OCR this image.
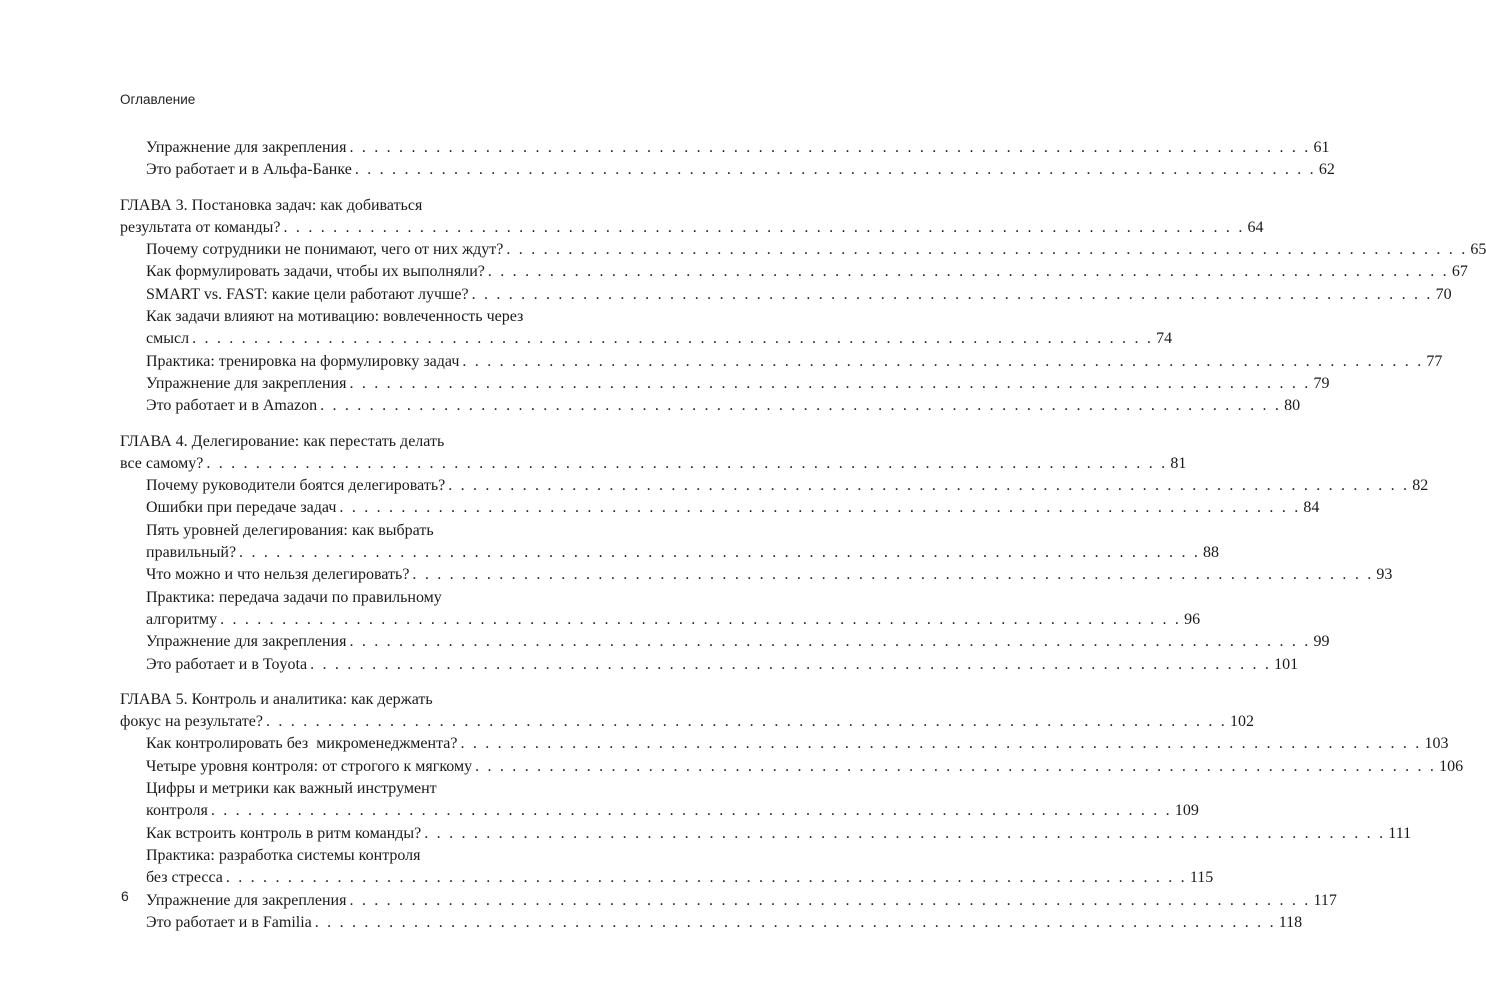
Оглавление
Упражнение для закрепления . . . . . . . . . . . . . . . . . . . . . . . . . . . . . . . . . . . . . . . . . . . . . . . . . . . . . . . . . . . . . . . . . . . . . . . . . . . . . . 61
Это работает и в Альфа-Банке . . . . . . . . . . . . . . . . . . . . . . . . . . . . . . . . . . . . . . . . . . . . . . . . . . . . . . . . . . . . . . . . . . . . . . . . . . . . . . 62
ГЛАВА 3. Постановка задач: как добиваться
результата от команды? . . . . . . . . . . . . . . . . . . . . . . . . . . . . . . . . . . . . . . . . . . . . . . . . . . . . . . . . . . . . . . . . . . . . . . . . . . . . . . 64
Почему сотрудники не понимают, чего от них ждут? . . . . . . . . . . . . . . . . . . . . . . . . . . . . . . . . . . . . . . . . . . . . . . . . . . . . . . . . . . . . . . . . . . . . . . . . . . . . . . 65
Как формулировать задачи, чтобы их выполняли? . . . . . . . . . . . . . . . . . . . . . . . . . . . . . . . . . . . . . . . . . . . . . . . . . . . . . . . . . . . . . . . . . . . . . . . . . . . . . . 67
SMART vs. FAST: какие цели работают лучше? . . . . . . . . . . . . . . . . . . . . . . . . . . . . . . . . . . . . . . . . . . . . . . . . . . . . . . . . . . . . . . . . . . . . . . . . . . . . . . 70
Как задачи влияют на мотивацию: вовлеченность через
смысл . . . . . . . . . . . . . . . . . . . . . . . . . . . . . . . . . . . . . . . . . . . . . . . . . . . . . . . . . . . . . . . . . . . . . . . . . . . . . . 74
Практика: тренировка на формулировку задач . . . . . . . . . . . . . . . . . . . . . . . . . . . . . . . . . . . . . . . . . . . . . . . . . . . . . . . . . . . . . . . . . . . . . . . . . . . . . . 77
Упражнение для закрепления . . . . . . . . . . . . . . . . . . . . . . . . . . . . . . . . . . . . . . . . . . . . . . . . . . . . . . . . . . . . . . . . . . . . . . . . . . . . . . 79
Это работает и в Amazon . . . . . . . . . . . . . . . . . . . . . . . . . . . . . . . . . . . . . . . . . . . . . . . . . . . . . . . . . . . . . . . . . . . . . . . . . . . . . . 80
ГЛАВА 4. Делегирование: как перестать делать
все самому? . . . . . . . . . . . . . . . . . . . . . . . . . . . . . . . . . . . . . . . . . . . . . . . . . . . . . . . . . . . . . . . . . . . . . . . . . . . . . . 81
Почему руководители боятся делегировать? . . . . . . . . . . . . . . . . . . . . . . . . . . . . . . . . . . . . . . . . . . . . . . . . . . . . . . . . . . . . . . . . . . . . . . . . . . . . . . 82
Ошибки при передаче задач . . . . . . . . . . . . . . . . . . . . . . . . . . . . . . . . . . . . . . . . . . . . . . . . . . . . . . . . . . . . . . . . . . . . . . . . . . . . . . 84
Пять уровней делегирования: как выбрать
правильный? . . . . . . . . . . . . . . . . . . . . . . . . . . . . . . . . . . . . . . . . . . . . . . . . . . . . . . . . . . . . . . . . . . . . . . . . . . . . . . 88
Что можно и что нельзя делегировать? . . . . . . . . . . . . . . . . . . . . . . . . . . . . . . . . . . . . . . . . . . . . . . . . . . . . . . . . . . . . . . . . . . . . . . . . . . . . . . 93
Практика: передача задачи по правильному
алгоритму . . . . . . . . . . . . . . . . . . . . . . . . . . . . . . . . . . . . . . . . . . . . . . . . . . . . . . . . . . . . . . . . . . . . . . . . . . . . . . 96
Упражнение для закрепления . . . . . . . . . . . . . . . . . . . . . . . . . . . . . . . . . . . . . . . . . . . . . . . . . . . . . . . . . . . . . . . . . . . . . . . . . . . . . . 99
Это работает и в Toyota . . . . . . . . . . . . . . . . . . . . . . . . . . . . . . . . . . . . . . . . . . . . . . . . . . . . . . . . . . . . . . . . . . . . . . . . . . . . . . 101
ГЛАВА 5. Контроль и аналитика: как держать
фокус на результате? . . . . . . . . . . . . . . . . . . . . . . . . . . . . . . . . . . . . . . . . . . . . . . . . . . . . . . . . . . . . . . . . . . . . . . . . . . . . . . 102
Как контролировать без  микроменеджмента? . . . . . . . . . . . . . . . . . . . . . . . . . . . . . . . . . . . . . . . . . . . . . . . . . . . . . . . . . . . . . . . . . . . . . . . . . . . . . . 103
Четыре уровня контроля: от строгого к мягкому . . . . . . . . . . . . . . . . . . . . . . . . . . . . . . . . . . . . . . . . . . . . . . . . . . . . . . . . . . . . . . . . . . . . . . . . . . . . . . 106
Цифры и метрики как важный инструмент
контроля . . . . . . . . . . . . . . . . . . . . . . . . . . . . . . . . . . . . . . . . . . . . . . . . . . . . . . . . . . . . . . . . . . . . . . . . . . . . . . 109
Как встроить контроль в ритм команды? . . . . . . . . . . . . . . . . . . . . . . . . . . . . . . . . . . . . . . . . . . . . . . . . . . . . . . . . . . . . . . . . . . . . . . . . . . . . . . 111
Практика: разработка системы контроля
без стресса . . . . . . . . . . . . . . . . . . . . . . . . . . . . . . . . . . . . . . . . . . . . . . . . . . . . . . . . . . . . . . . . . . . . . . . . . . . . . . 115
Упражнение для закрепления . . . . . . . . . . . . . . . . . . . . . . . . . . . . . . . . . . . . . . . . . . . . . . . . . . . . . . . . . . . . . . . . . . . . . . . . . . . . . . 117
Это работает и в Familia . . . . . . . . . . . . . . . . . . . . . . . . . . . . . . . . . . . . . . . . . . . . . . . . . . . . . . . . . . . . . . . . . . . . . . . . . . . . . . 118
6
